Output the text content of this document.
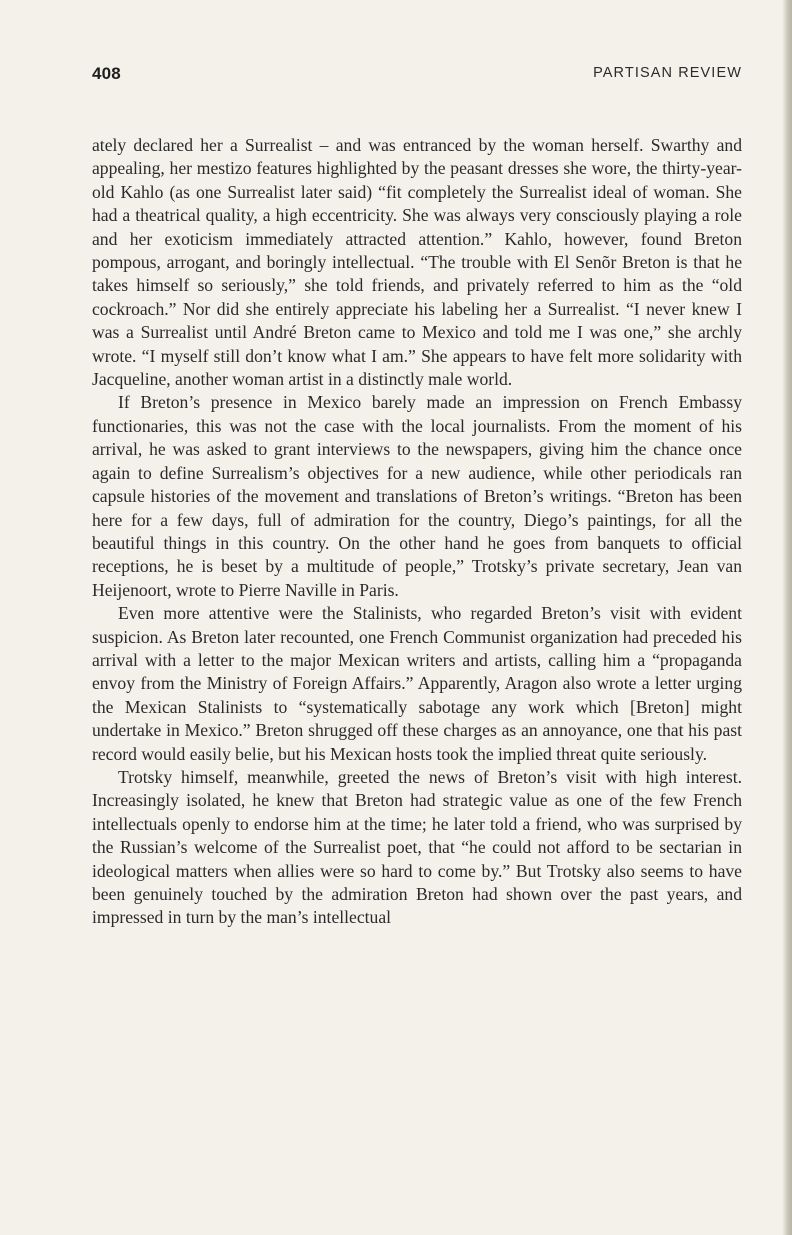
408	PARTISAN REVIEW

ately declared her a Surrealist – and was entranced by the woman herself. Swarthy and appealing, her mestizo features highlighted by the peasant dresses she wore, the thirty-year-old Kahlo (as one Surrealist later said) “fit completely the Surrealist ideal of woman. She had a theatrical quality, a high eccentricity. She was always very consciously playing a role and her exoticism immediately attracted attention.” Kahlo, however, found Breton pompous, arrogant, and boringly intellectual. “The trouble with El Senõr Breton is that he takes himself so seriously,” she told friends, and privately referred to him as the “old cockroach.” Nor did she entirely appreciate his labeling her a Surrealist. “I never knew I was a Surrealist until André Breton came to Mexico and told me I was one,” she archly wrote. “I myself still don’t know what I am.” She appears to have felt more solidarity with Jacqueline, another woman artist in a distinctly male world.

If Breton’s presence in Mexico barely made an impression on French Embassy functionaries, this was not the case with the local journalists. From the moment of his arrival, he was asked to grant interviews to the newspapers, giving him the chance once again to define Surrealism’s objectives for a new audience, while other periodicals ran capsule histories of the movement and translations of Breton’s writings. “Breton has been here for a few days, full of admiration for the country, Diego’s paintings, for all the beautiful things in this country. On the other hand he goes from banquets to official receptions, he is beset by a multitude of people,” Trotsky’s private secretary, Jean van Heijenoort, wrote to Pierre Naville in Paris.

Even more attentive were the Stalinists, who regarded Breton’s visit with evident suspicion. As Breton later recounted, one French Communist organization had preceded his arrival with a letter to the major Mexican writers and artists, calling him a “propaganda envoy from the Ministry of Foreign Affairs.” Apparently, Aragon also wrote a letter urging the Mexican Stalinists to “systematically sabotage any work which [Breton] might undertake in Mexico.” Breton shrugged off these charges as an annoyance, one that his past record would easily belie, but his Mexican hosts took the implied threat quite seriously.

Trotsky himself, meanwhile, greeted the news of Breton’s visit with high interest. Increasingly isolated, he knew that Breton had strategic value as one of the few French intellectuals openly to endorse him at the time; he later told a friend, who was surprised by the Russian’s welcome of the Surrealist poet, that “he could not afford to be sectarian in ideological matters when allies were so hard to come by.” But Trotsky also seems to have been genuinely touched by the admiration Breton had shown over the past years, and impressed in turn by the man’s intellectual
